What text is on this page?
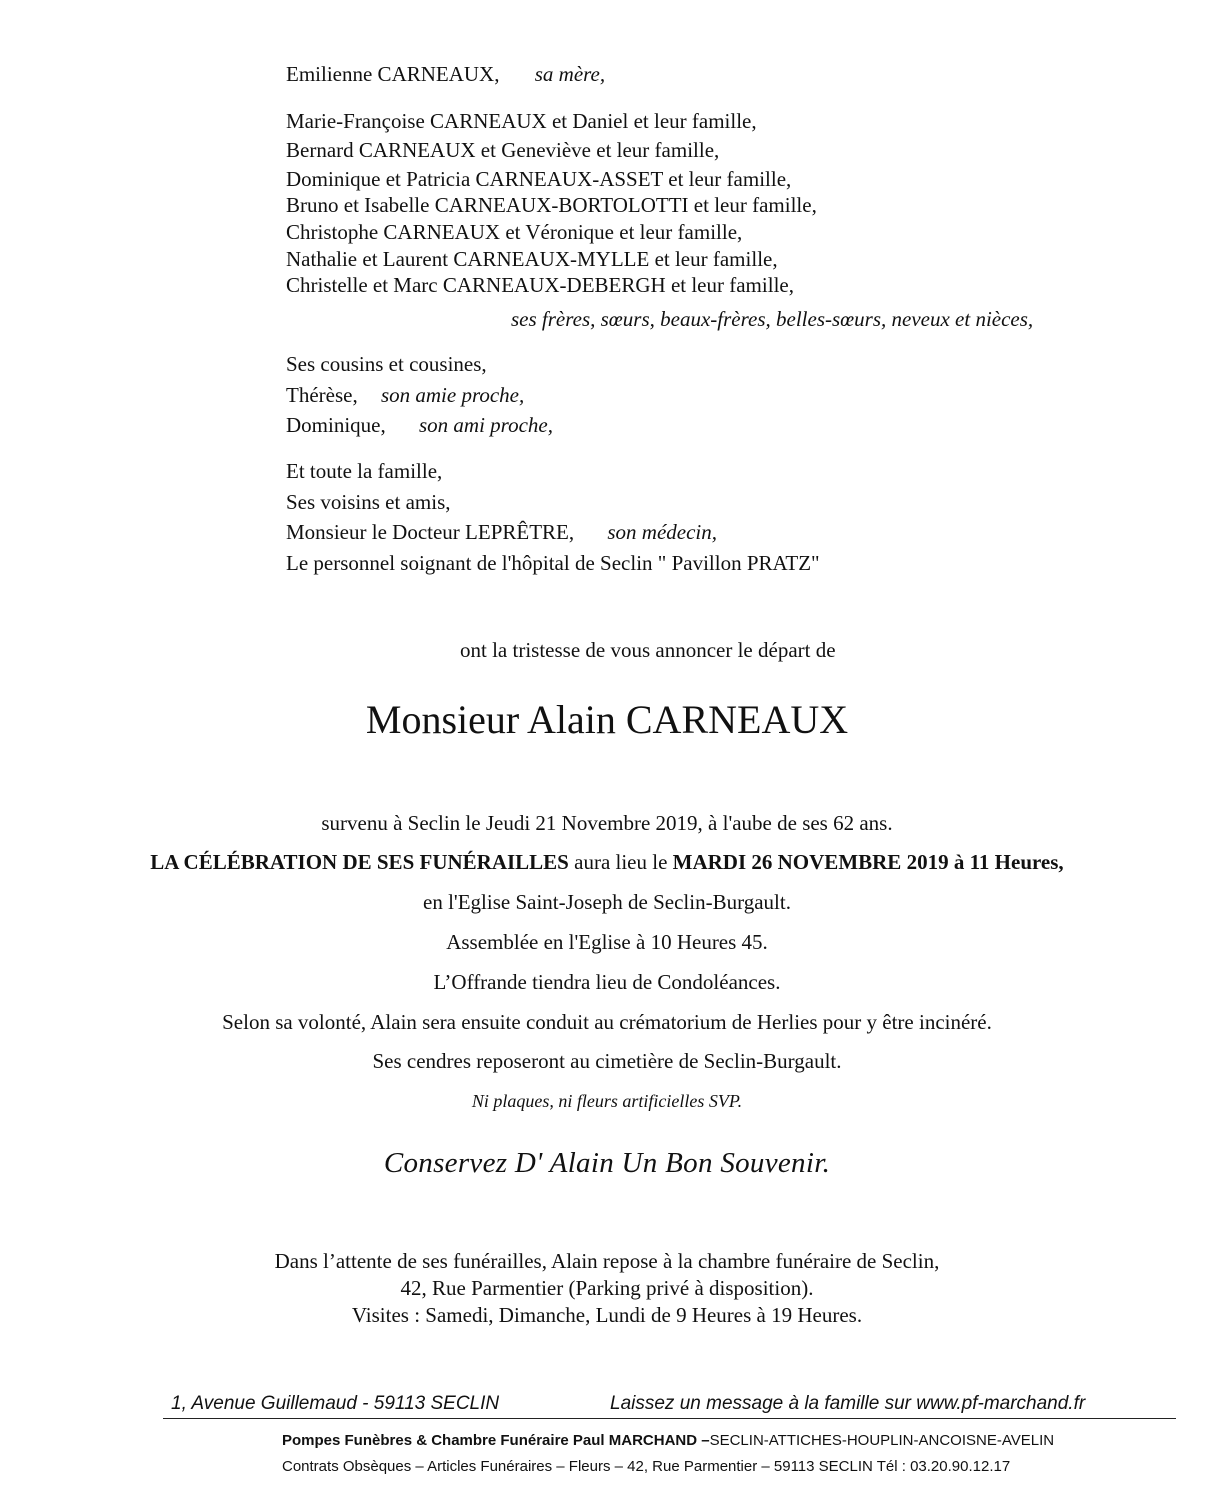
Emilienne CARNEAUX, sa mère,
Marie-Françoise CARNEAUX et Daniel et leur famille,
Bernard CARNEAUX et Geneviève et leur famille,
Dominique et Patricia CARNEAUX-ASSET et leur famille,
Bruno et Isabelle CARNEAUX-BORTOLOTTI et leur famille,
Christophe CARNEAUX et Véronique et leur famille,
Nathalie et Laurent CARNEAUX-MYLLE et leur famille,
Christelle et Marc CARNEAUX-DEBERGH et leur famille,
ses frères, sœurs, beaux-frères, belles-sœurs, neveux et nièces,
Ses cousins et cousines,
Thérèse, son amie proche,
Dominique, son ami proche,
Et toute la famille,
Ses voisins et amis,
Monsieur le Docteur LEPRÊTRE, son médecin,
Le personnel soignant de l'hôpital de Seclin " Pavillon PRATZ"
ont la tristesse de vous annoncer le départ de
Monsieur Alain CARNEAUX
survenu à Seclin le Jeudi 21 Novembre 2019, à l'aube de ses 62 ans.
LA CÉLÉBRATION DE SES FUNÉRAILLES aura lieu le MARDI 26 NOVEMBRE 2019 à 11 Heures,
en l'Eglise Saint-Joseph de Seclin-Burgault.
Assemblée en l'Eglise à 10 Heures 45.
L’Offrande tiendra lieu de Condoléances.
Selon sa volonté, Alain sera ensuite conduit au crématorium de Herlies pour y être incinéré.
Ses cendres reposeront au cimetière de Seclin-Burgault.
Ni plaques, ni fleurs artificielles SVP.
Conservez D' Alain Un Bon Souvenir.
Dans l’attente de ses funérailles, Alain repose à la chambre funéraire de Seclin,
42, Rue Parmentier (Parking privé à disposition).
Visites : Samedi, Dimanche, Lundi de 9 Heures à 19 Heures.
1, Avenue Guillemaud - 59113 SECLIN	Laissez un message à la famille sur www.pf-marchand.fr
Pompes Funèbres & Chambre Funéraire Paul MARCHAND –SECLIN-ATTICHES-HOUPLIN-ANCOISNE-AVELIN
Contrats Obsèques – Articles Funéraires – Fleurs – 42, Rue Parmentier – 59113 SECLIN Tél : 03.20.90.12.17
